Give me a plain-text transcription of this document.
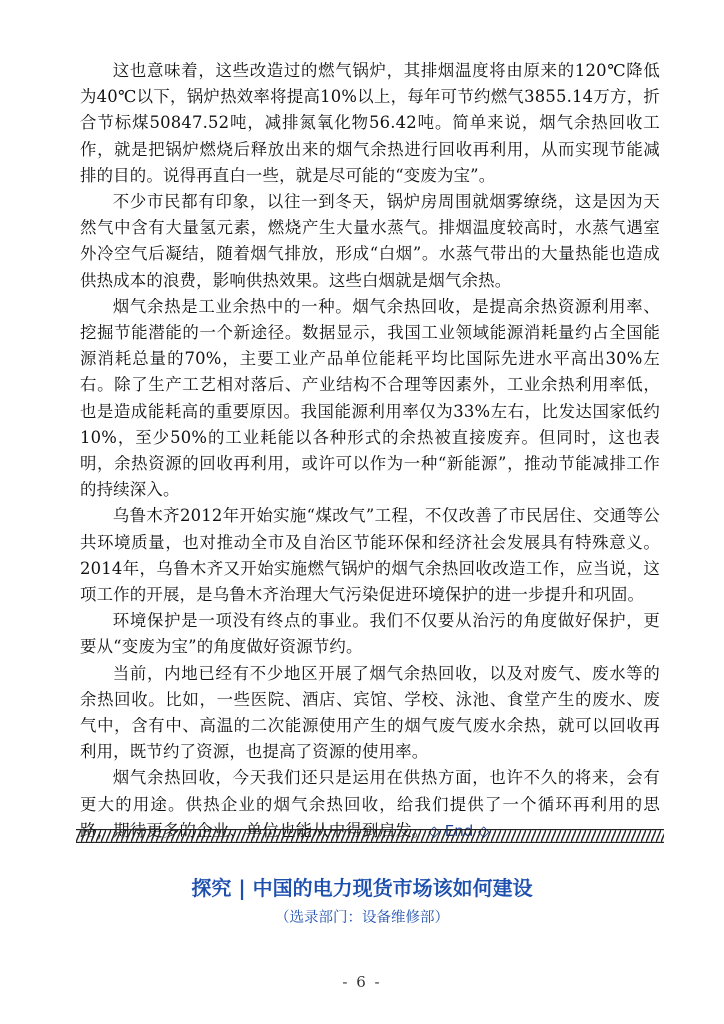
这也意味着，这些改造过的燃气锅炉，其排烟温度将由原来的120℃降低为40℃以下，锅炉热效率将提高10%以上，每年可节约燃气3855.14万方，折合节标煤50847.52吨，减排氮氧化物56.42吨。简单来说，烟气余热回收工作，就是把锅炉燃烧后释放出来的烟气余热进行回收再利用，从而实现节能减排的目的。说得再直白一些，就是尽可能的“变废为宝”。

不少市民都有印象，以往一到冬天，锅炉房周围就烟雾缭绕，这是因为天然气中含有大量氢元素，燃烧产生大量水蒸气。排烟温度较高时，水蒸气遇室外冷空气后凝结，随着烟气排放，形成“白烟”。水蒸气带出的大量热能也造成供热成本的浪费，影响供热效果。这些白烟就是烟气余热。

烟气余热是工业余热中的一种。烟气余热回收，是提高余热资源利用率、挖掘节能潜能的一个新途径。数据显示，我国工业领域能源消耗量约占全国能源消耗总量的70%，主要工业产品单位能耗平均比国际先进水平高出30%左右。除了生产工艺相对落后、产业结构不合理等因素外，工业余热利用率低，也是造成能耗高的重要原因。我国能源利用率仅为33%左右，比发达国家低约10%，至少50%的工业耗能以各种形式的余热被直接废弃。但同时，这也表明，余热资源的回收再利用，或许可以作为一种“新能源”，推动节能减排工作的持续深入。

乌鲁木齐2012年开始实施“煤改气”工程，不仅改善了市民居住、交通等公共环境质量，也对推动全市及自治区节能环保和经济社会发展具有特殊意义。2014年，乌鲁木齐又开始实施燃气锅炉的烟气余热回收改造工作，应当说，这项工作的开展，是乌鲁木齐治理大气污染促进环境保护的进一步提升和巩固。

环境保护是一项没有终点的事业。我们不仅要从治污的角度做好保护，更要从“变废为宝”的角度做好资源节约。

当前，内地已经有不少地区开展了烟气余热回收，以及对废气、废水等的余热回收。比如，一些医院、酒店、宾馆、学校、泳池、食堂产生的废水、废气中，含有中、高温的二次能源使用产生的烟气废气废水余热，就可以回收再利用，既节约了资源，也提高了资源的使用率。

烟气余热回收，今天我们还只是运用在供热方面，也许不久的将来，会有更大的用途。供热企业的烟气余热回收，给我们提供了一个循环再利用的思

探究 | 中国的电力现货市场该如何建设
（选录部门：设备维修部）
- 6 -
